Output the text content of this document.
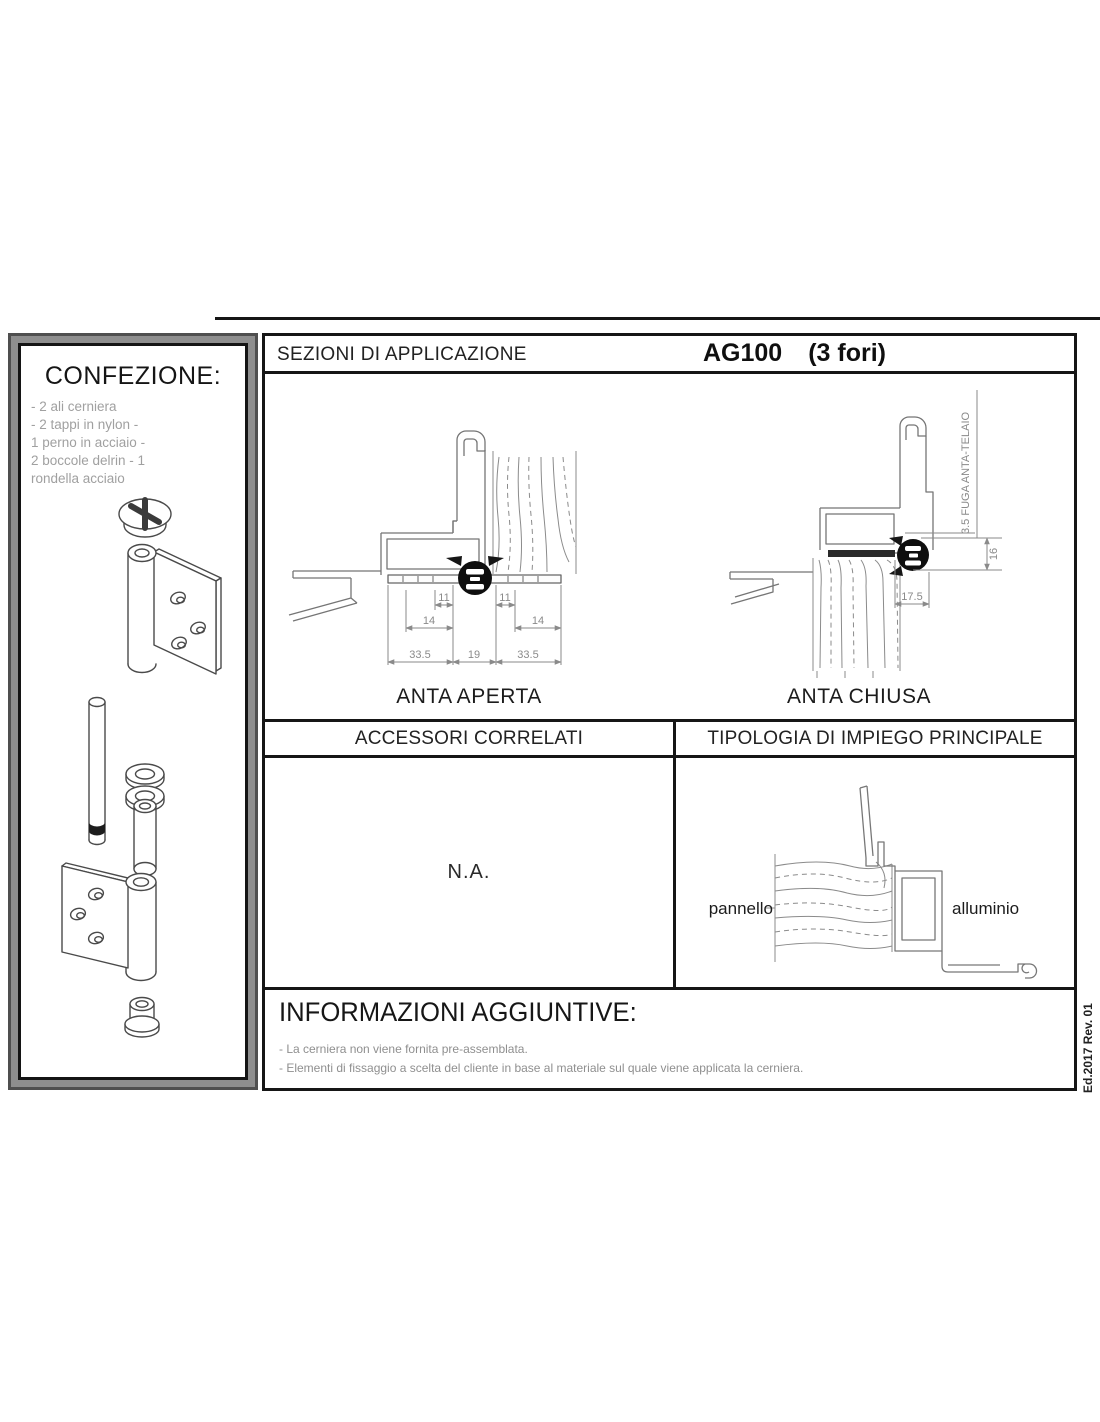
CONFEZIONE:
- 2 ali cerniera
- 2 tappi in nylon -
1 perno in acciaio -
2 boccole delrin - 1
rondella acciaio
SEZIONI DI APPLICAZIONE	AG100 (3 fori)
11	11
14	14
33.5	19	33.5
ANTA APERTA
3.5 FUGA ANTA-TELAIO
16
17.5
ANTA CHIUSA
ACCESSORI CORRELATI	TIPOLOGIA DI IMPIEGO PRINCIPALE
N.A.
pannello	alluminio
INFORMAZIONI AGGIUNTIVE:
- La cerniera non viene fornita pre-assemblata.
- Elementi di fissaggio a scelta del cliente in base al materiale sul quale viene applicata la cerniera.	Ed.2017 Rev. 01
